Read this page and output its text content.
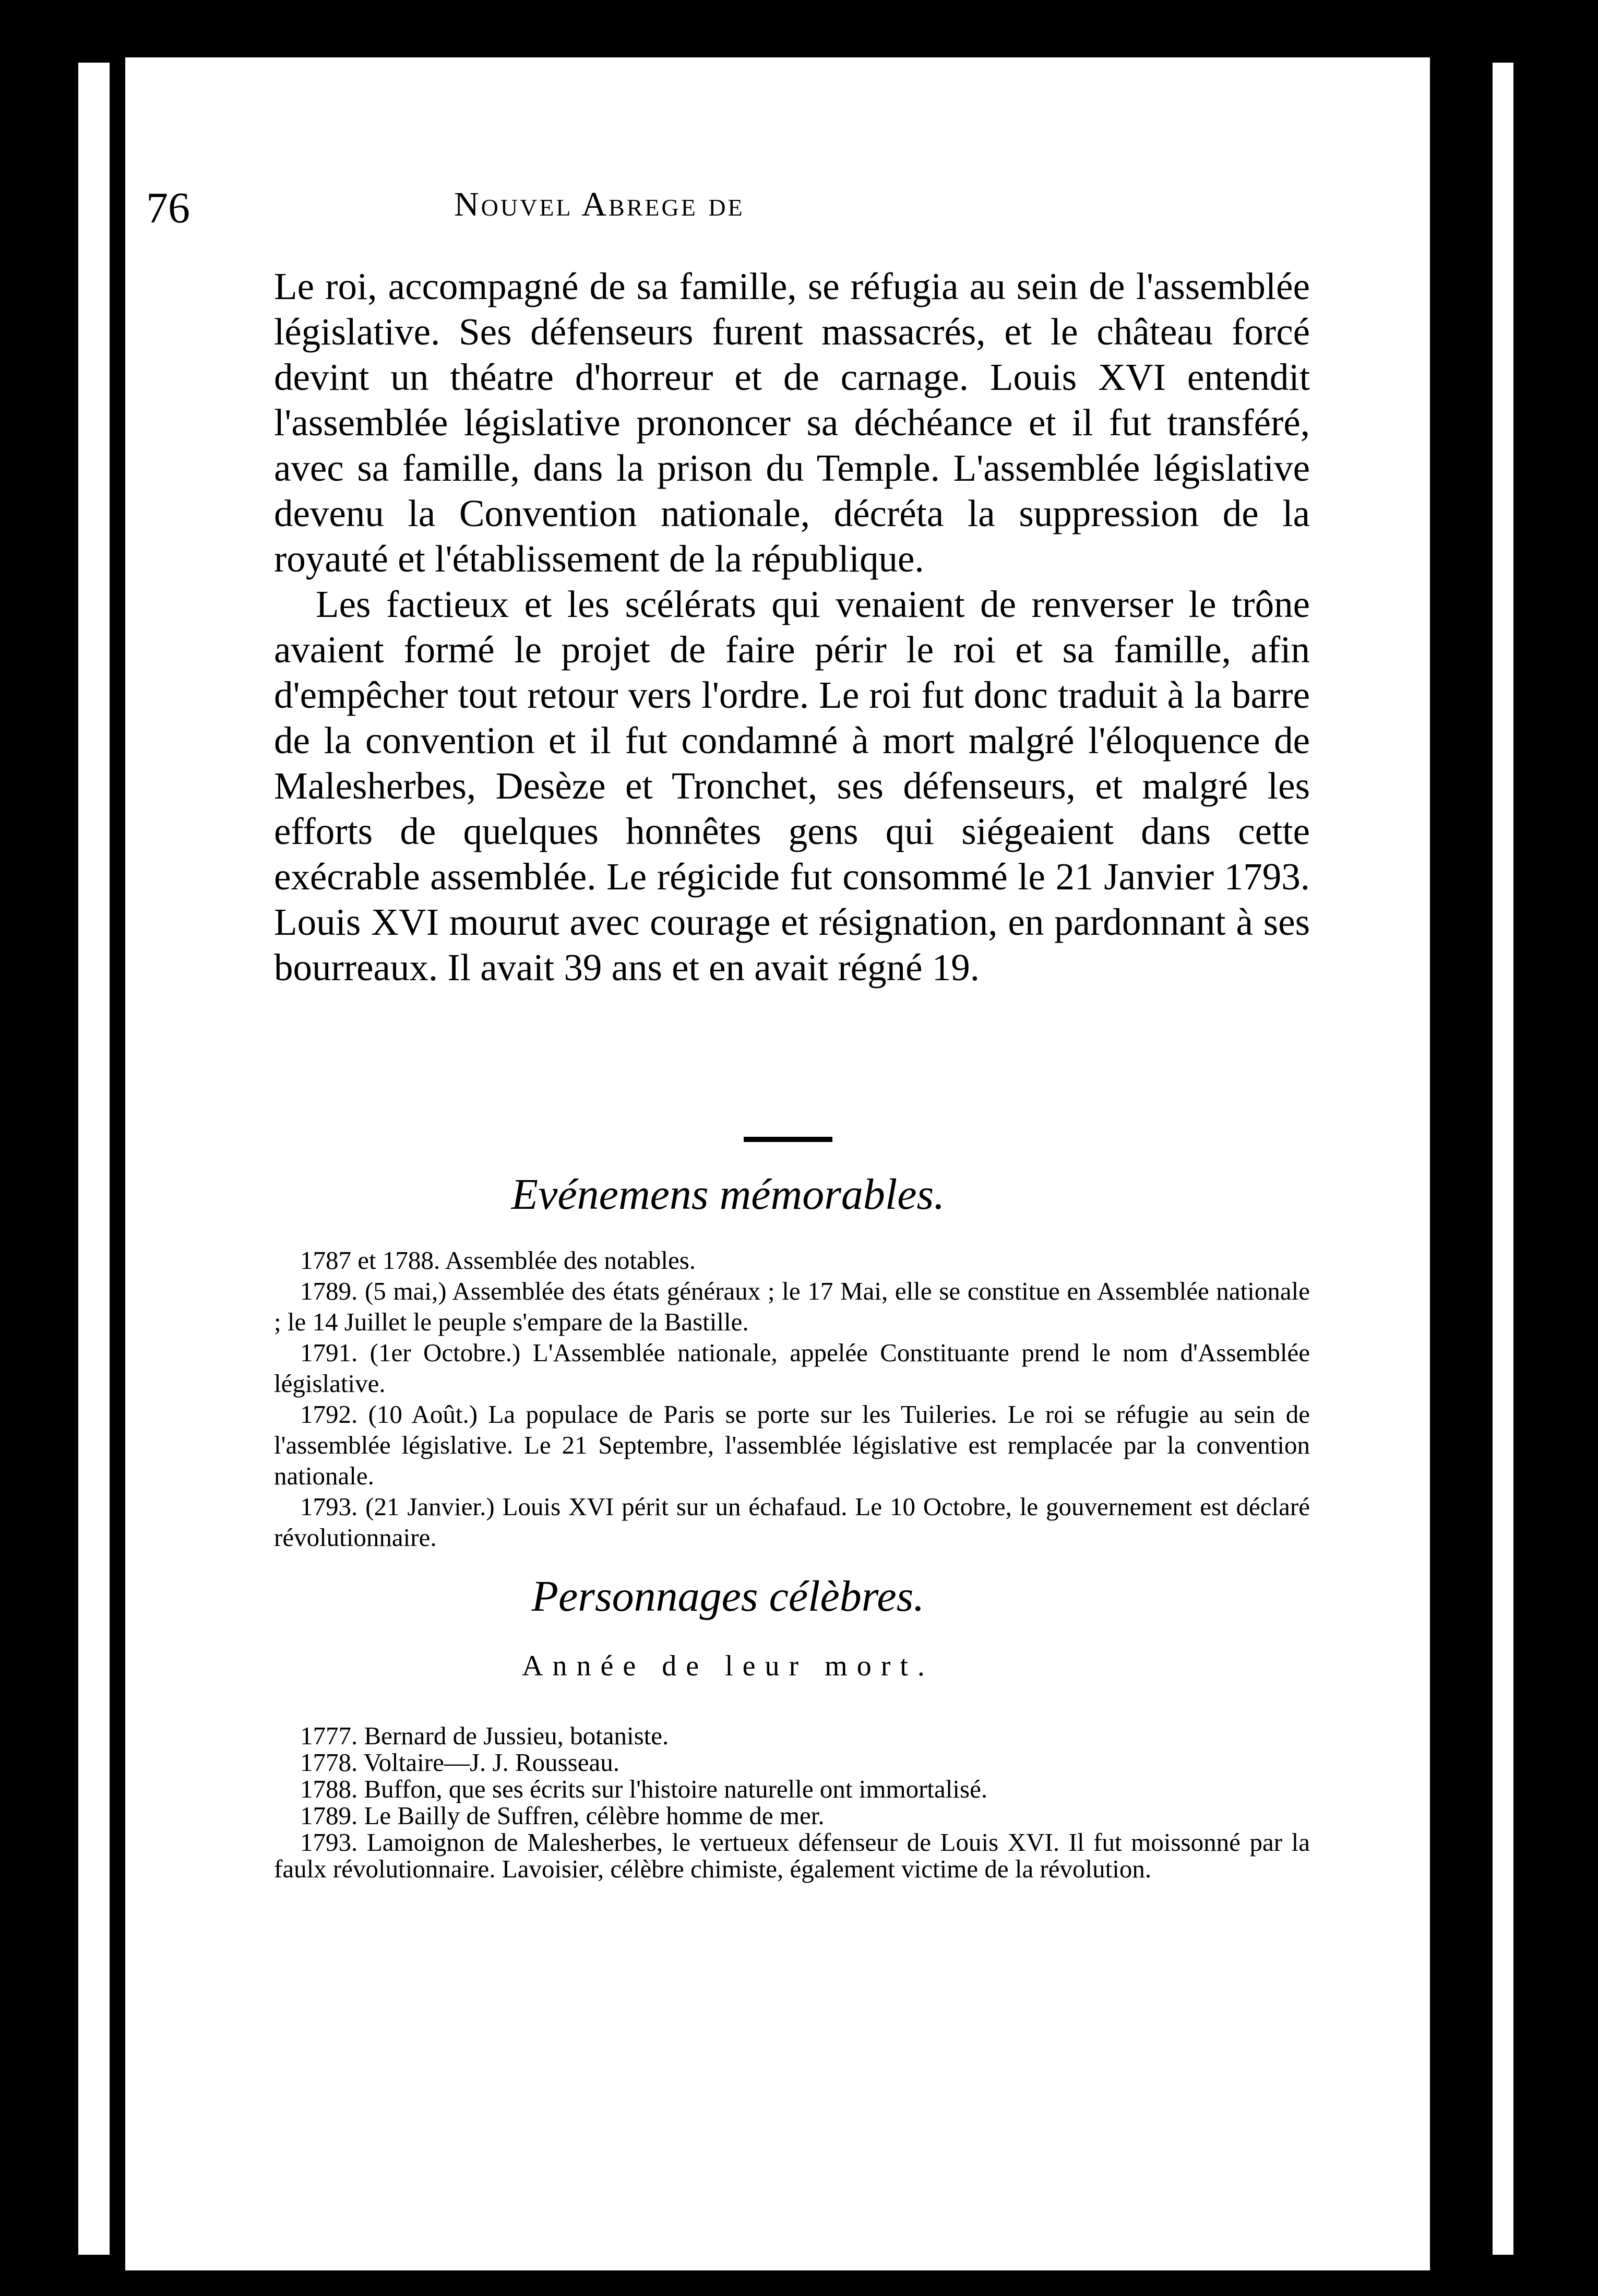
76	Nouvel Abrege de

Le roi, accompagné de sa famille, se réfugia au sein de l'assemblée législative. Ses défenseurs furent massacrés, et le château forcé devint un théatre d'horreur et de carnage. Louis XVI entendit l'assemblée législative prononcer sa déchéance et il fut transféré, avec sa famille, dans la prison du Temple. L'assemblée législative devenu la Convention nationale, décréta la suppression de la royauté et l'établissement de la république.

Les factieux et les scélérats qui venaient de renverser le trône avaient formé le projet de faire périr le roi et sa famille, afin d'empêcher tout retour vers l'ordre. Le roi fut donc traduit à la barre de la convention et il fut condamné à mort malgré l'éloquence de Malesherbes, Desèze et Tronchet, ses défenseurs, et malgré les efforts de quelques honnêtes gens qui siégeaient dans cette exécrable assemblée. Le régicide fut consommé le 21 Janvier 1793. Louis XVI mourut avec courage et résignation, en pardonnant à ses bourreaux. Il avait 39 ans et en avait régné 19.

Evénemens mémorables.

1787 et 1788. Assemblée des notables.

1789. (5 mai,) Assemblée des états généraux ; le 17 Mai, elle se constitue en Assemblée nationale ; le 14 Juillet le peuple s'empare de la Bastille.

1791. (1er Octobre.) L'Assemblée nationale, appelée Constituante prend le nom d'Assemblée législative.

1792. (10 Août.) La populace de Paris se porte sur les Tuileries. Le roi se réfugie au sein de l'assemblée législative. Le 21 Septembre, l'assemblée législative est remplacée par la convention nationale.

1793. (21 Janvier.) Louis XVI périt sur un échafaud. Le 10 Octobre, le gouvernement est déclaré révolutionnaire.

Personnages célèbres.
Année de leur mort.

1777. Bernard de Jussieu, botaniste.

1778. Voltaire—J. J. Rousseau.

1788. Buffon, que ses écrits sur l'histoire naturelle ont immortalisé.

1789. Le Bailly de Suffren, célèbre homme de mer.

1793. Lamoignon de Malesherbes, le vertueux défenseur de Louis XVI. Il fut moissonné par la faulx révolutionnaire. Lavoisier, célèbre chimiste, également victime de la révolution.
